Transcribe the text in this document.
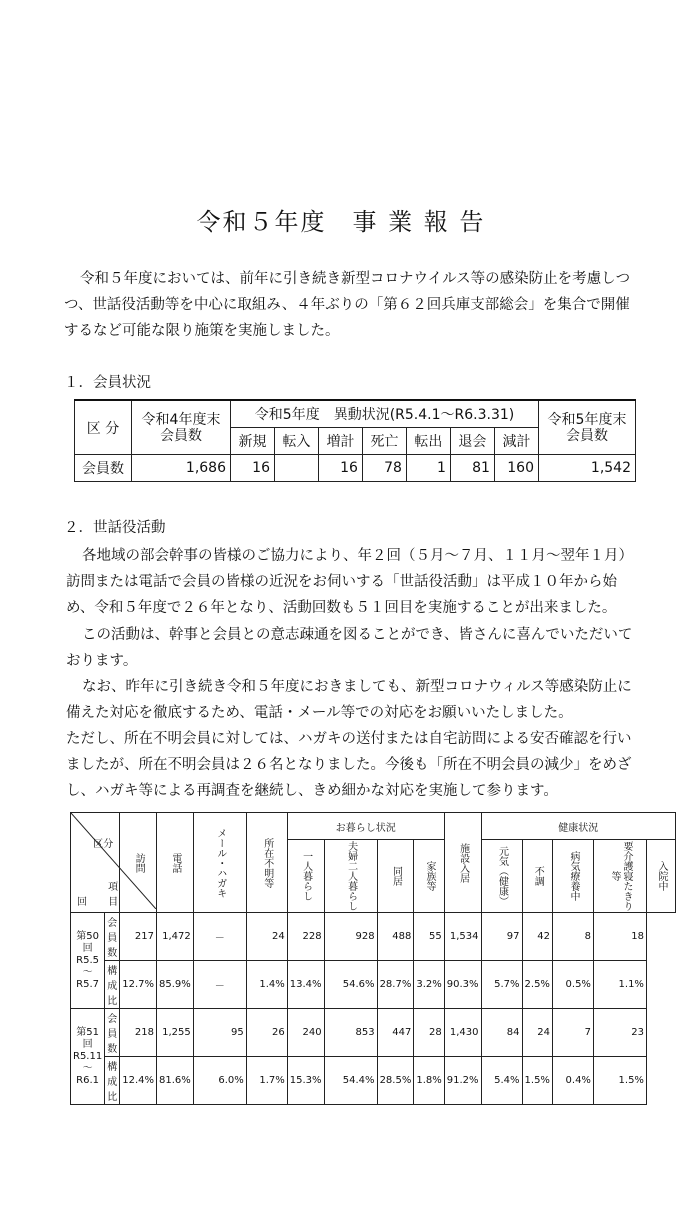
令和５年度　事 業 報 告

令和５年度においては、前年に引き続き新型コロナウイルス等の感染防止を考慮しつつ、世話役活動等を中心に取組み、４年ぶりの「第６２回兵庫支部総会」を集合で開催するなど可能な限り施策を実施しました。

１．会員状況

区 分	令和4年度末
会員数	令和5年度　異動状況(R5.4.1～R6.3.31)							令和5年度末
会員数
		新規	転入	増計	死亡	転出	退会	減計	
会員数	1,686	16		16	78	1	81	160	1,542

２．世話役活動

各地域の部会幹事の皆様のご協力により、年２回（５月～７月、１１月～翌年１月）訪問または電話で会員の皆様の近況をお伺いする「世話役活動」は平成１０年から始め、令和５年度で２６年となり、活動回数も５１回目を実施することが出来ました。

この活動は、幹事と会員との意志疎通を図ることができ、皆さんに喜んでいただいております。

なお、昨年に引き続き令和５年度におきましても、新型コロナウィルス等感染防止に備えた対応を徹底するため、電話・メール等での対応をお願いいたしました。

ただし、所在不明会員に対しては、ハガキの送付または自宅訪問による安否確認を行いましたが、所在不明会員は２６名となりました。今後も「所在不明会員の減少」をめざし、ハガキ等による再調査を継続し、きめ細かな対応を実施して参ります。

区分
回
項目		訪問	電話	メール・ハガキ	所在不明等	お暮らし状況				施設入居	健康状況				

						一人暮らし	夫婦二人暮らし	同居	家族等		元気（健康）	不調	病気療養中	要介護寝たきり等	入院中

第50回
R5.5～R5.7	会員数	217	1,472	－	24	228	928	488	55	1,534	97	42	8	18	
	構成比	12.7%	85.9%	－	1.4%	13.4%	54.6%	28.7%	3.2%	90.3%	5.7%	2.5%	0.5%	1.1%	
第51回
R5.11～R6.1	会員数	218	1,255	95	26	240	853	447	28	1,430	84	24	7	23	
	構成比	12.4%	81.6%	6.0%	1.7%	15.3%	54.4%	28.5%	1.8%	91.2%	5.4%	1.5%	0.4%	1.5%	
